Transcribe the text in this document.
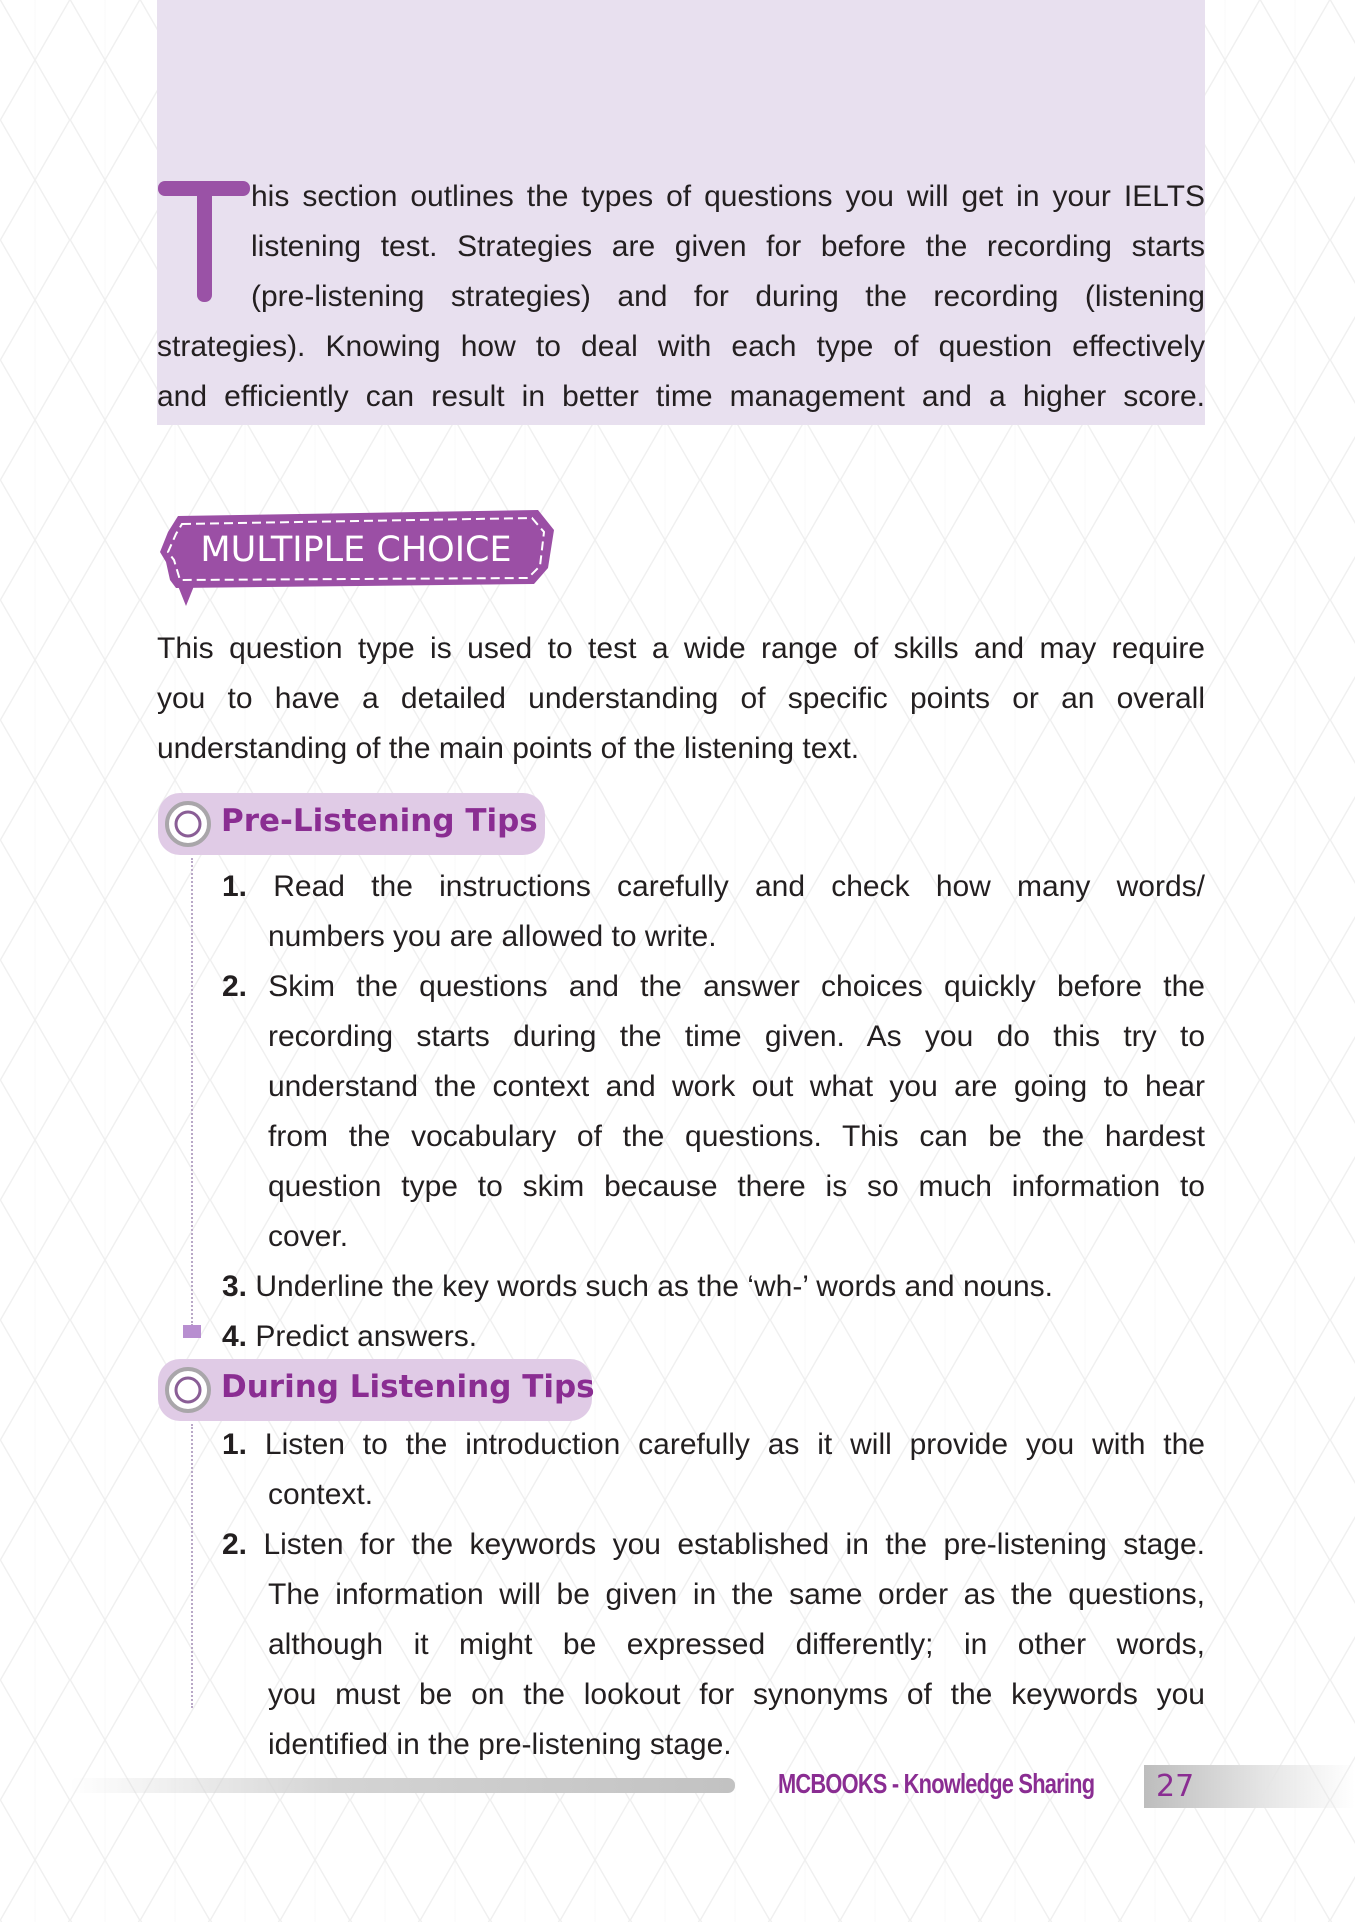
his section outlines the types of questions you will get in your IELTS

listening test. Strategies are given for before the recording starts

(pre-listening strategies) and for during the recording (listening

strategies). Knowing how to deal with each type of question effectively

and efficiently can result in better time management and a higher score.

MULTIPLE CHOICE

This question type is used to test a wide range of skills and may require

you to have a detailed understanding of specific points or an overall

understanding of the main points of the listening text.

Pre-Listening Tips
1. Read the instructions carefully and check how many words/
numbers you are allowed to write.
2. Skim the questions and the answer choices quickly before the
recording starts during the time given. As you do this try to
understand the context and work out what you are going to hear
from the vocabulary of the questions. This can be the hardest
question type to skim because there is so much information to
cover.
3. Underline the key words such as the ‘wh-’ words and nouns.
4. Predict answers.
During Listening Tips
1. Listen to the introduction carefully as it will provide you with the
context.
2. Listen for the keywords you established in the pre-listening stage.
The information will be given in the same order as the questions,
although it might be expressed differently; in other words,
you must be on the lookout for synonyms of the keywords you
identified in the pre-listening stage.
MCBOOKS - Knowledge Sharing 27
